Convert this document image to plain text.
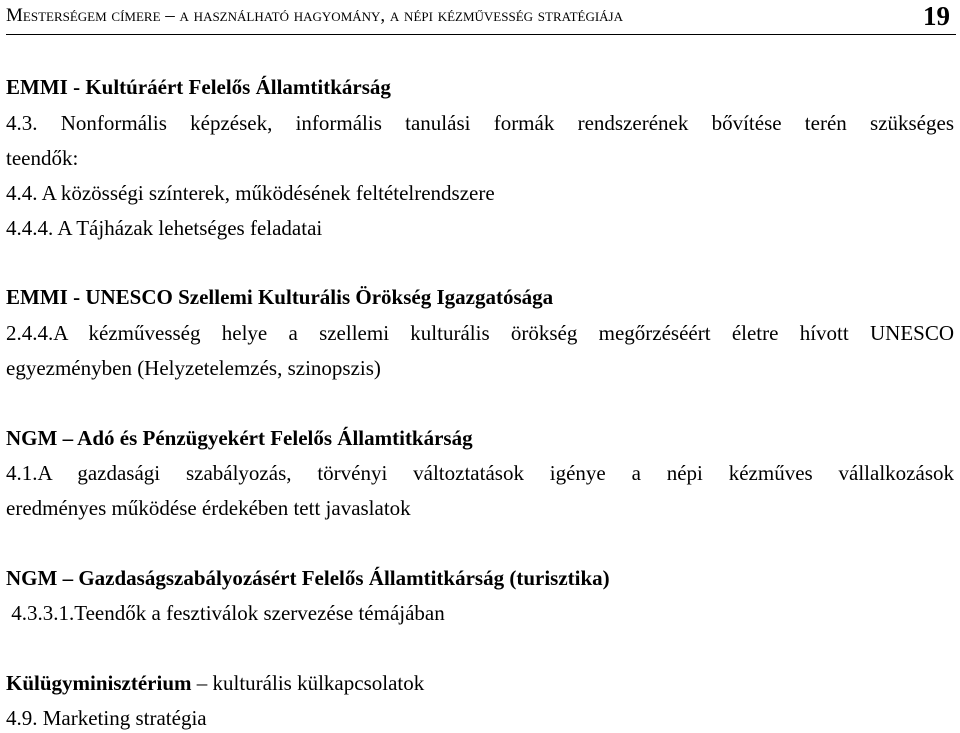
Mesterségem címere – a használható hagyomány, a népi kézművesség stratégiája	19
EMMI - Kultúráért Felelős Államtitkárság
4.3. Nonformális képzések, informális tanulási formák rendszerének bővítése terén szükséges
teendők:
4.4. A közösségi színterek, működésének feltételrendszere
4.4.4. A Tájházak lehetséges feladatai
EMMI - UNESCO Szellemi Kulturális Örökség Igazgatósága
2.4.4.A kézművesség helye a szellemi kulturális örökség megőrzéséért életre hívott UNESCO
egyezményben (Helyzetelemzés, szinopszis)
NGM – Adó és Pénzügyekért Felelős Államtitkárság
4.1.A gazdasági szabályozás, törvényi változtatások igénye a népi kézműves vállalkozások
eredményes működése érdekében tett javaslatok
NGM – Gazdaságszabályozásért Felelős Államtitkárság (turisztika)
4.3.3.1.Teendők a fesztiválok szervezése témájában
Külügyminisztérium – kulturális külkapcsolatok
4.9. Marketing stratégia
